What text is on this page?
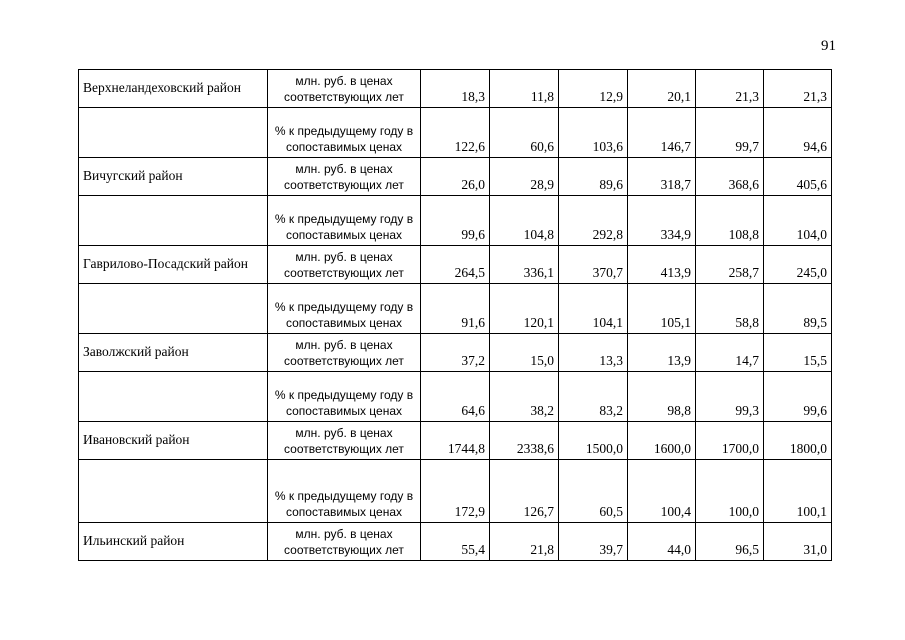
91
Верхнеландеховский район	млн. руб. в ценах соответствующих лет	18,3	11,8	12,9	20,1	21,3	21,3
	% к предыдущему году в сопоставимых ценах	122,6	60,6	103,6	146,7	99,7	94,6
Вичугский район	млн. руб. в ценах соответствующих лет	26,0	28,9	89,6	318,7	368,6	405,6
	% к предыдущему году в сопоставимых ценах	99,6	104,8	292,8	334,9	108,8	104,0
Гаврилово-Посадский район	млн. руб. в ценах соответствующих лет	264,5	336,1	370,7	413,9	258,7	245,0
	% к предыдущему году в сопоставимых ценах	91,6	120,1	104,1	105,1	58,8	89,5
Заволжский район	млн. руб. в ценах соответствующих лет	37,2	15,0	13,3	13,9	14,7	15,5
	% к предыдущему году в сопоставимых ценах	64,6	38,2	83,2	98,8	99,3	99,6
Ивановский район	млн. руб. в ценах соответствующих лет	1744,8	2338,6	1500,0	1600,0	1700,0	1800,0
	% к предыдущему году в сопоставимых ценах	172,9	126,7	60,5	100,4	100,0	100,1
Ильинский район	млн. руб. в ценах соответствующих лет	55,4	21,8	39,7	44,0	96,5	31,0
